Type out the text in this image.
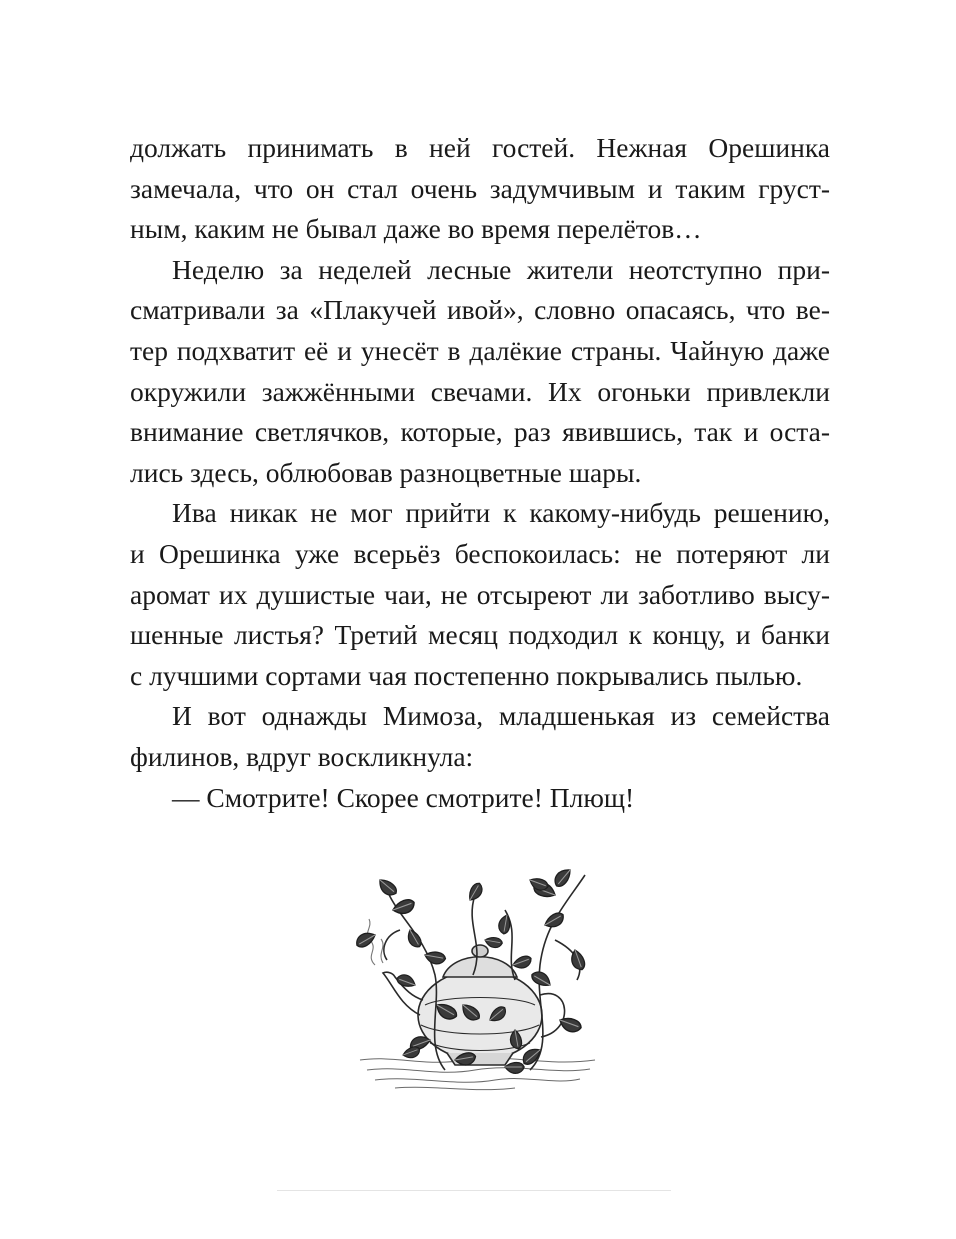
должать принимать в ней гостей. Нежная Орешинка
замечала, что он стал очень задумчивым и таким груст-
ным, каким не бывал даже во время перелётов…
Неделю за неделей лесные жители неотступно при-
сматривали за «Плакучей ивой», словно опасаясь, что ве-
тер подхватит её и унесёт в далёкие страны. Чайную даже
окружили зажжёнными свечами. Их огоньки привлекли
внимание светлячков, которые, раз явившись, так и оста-
лись здесь, облюбовав разноцветные шары.
Ива никак не мог прийти к какому-нибудь решению,
и Орешинка уже всерьёз беспокоилась: не потеряют ли
аромат их душистые чаи, не отсыреют ли заботливо высу-
шенные листья? Третий месяц подходил к концу, и банки
с лучшими сортами чая постепенно покрывались пылью.
И вот однажды Мимоза, младшенькая из семейства
филинов, вдруг воскликнула:
— Смотрите! Скорее смотрите! Плющ!
